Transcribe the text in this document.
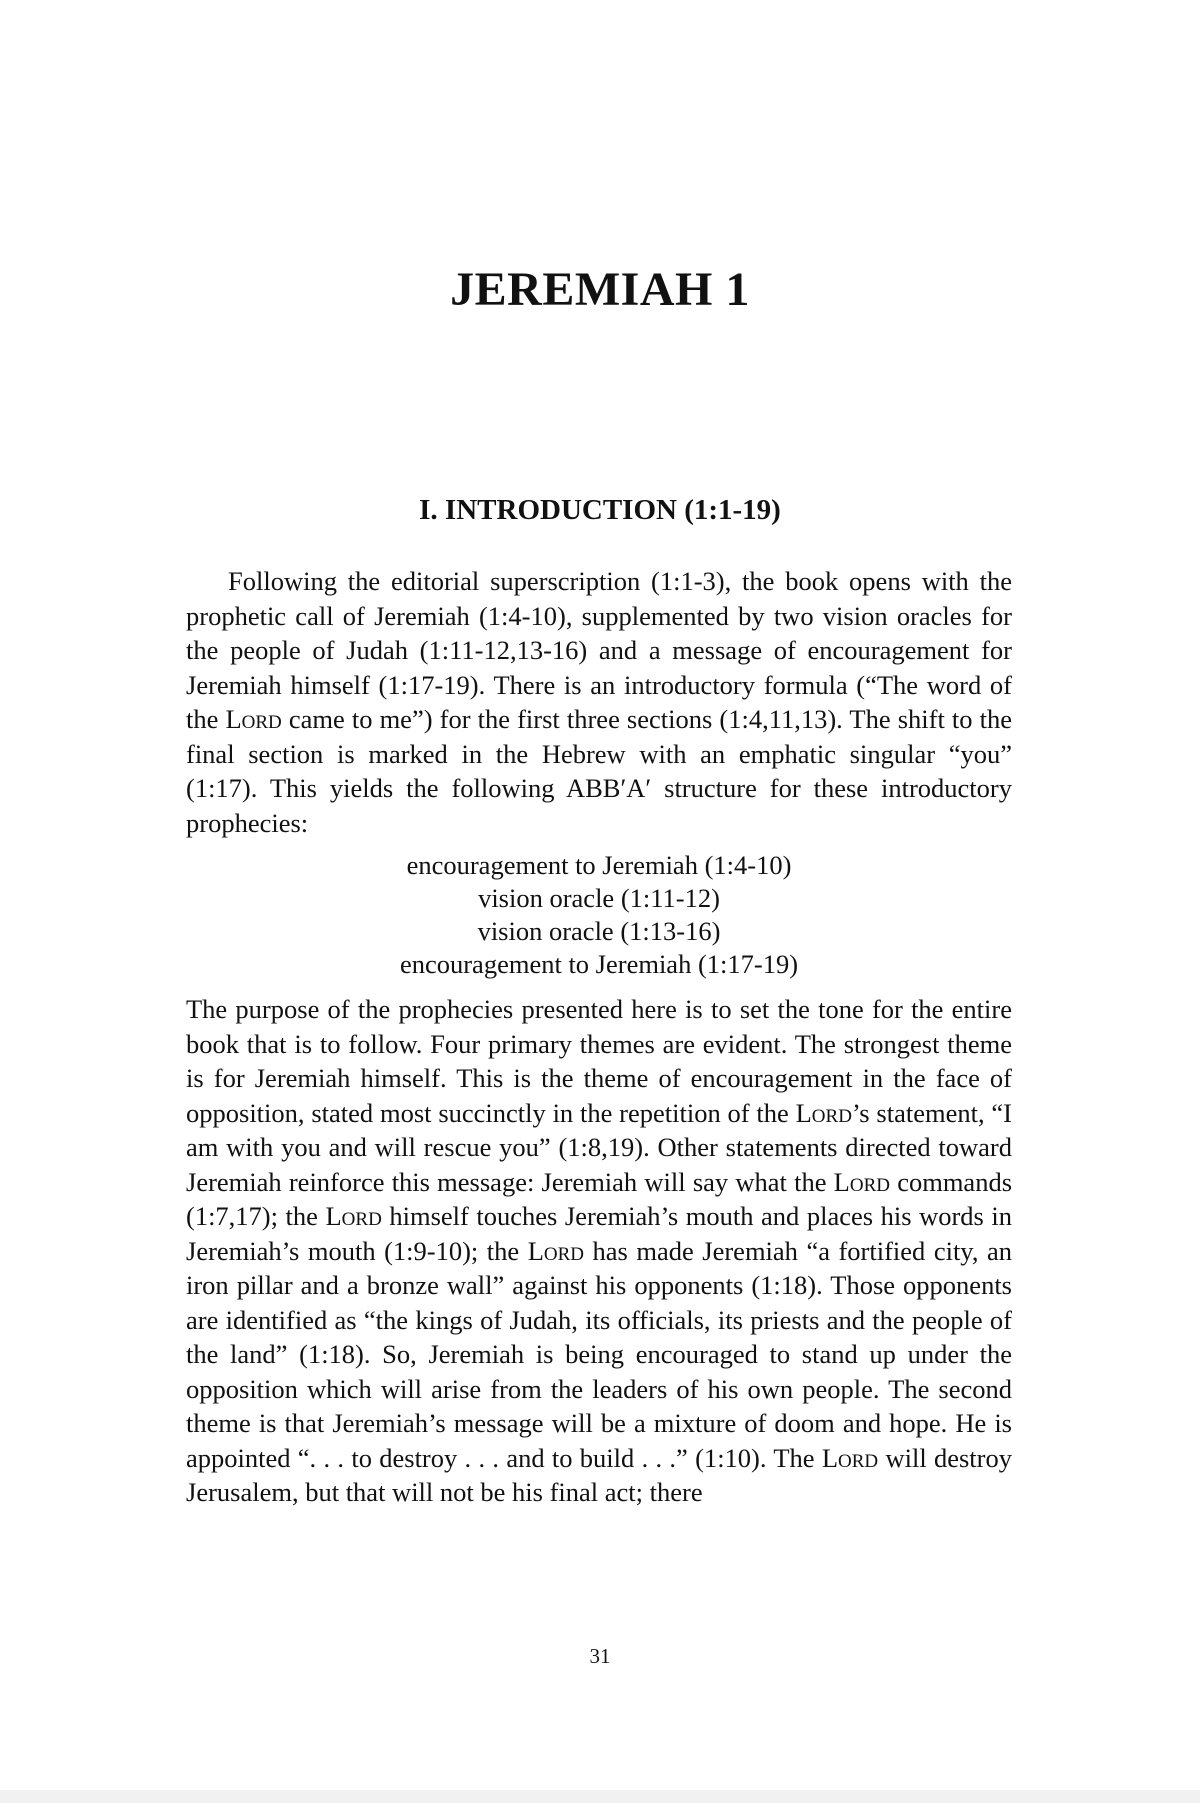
JEREMIAH 1
I. INTRODUCTION (1:1-19)

Following the editorial superscription (1:1-3), the book opens with the prophetic call of Jeremiah (1:4-10), supplemented by two vision oracles for the people of Judah (1:11-12,13-16) and a message of encouragement for Jeremiah himself (1:17-19). There is an introductory formula (“The word of the Lord came to me”) for the first three sections (1:4,11,13). The shift to the final section is marked in the Hebrew with an emphatic singular “you” (1:17). This yields the following ABB′A′ structure for these introductory prophecies:

encouragement to Jeremiah (1:4-10)
vision oracle (1:11-12)
vision oracle (1:13-16)
encouragement to Jeremiah (1:17-19)

The purpose of the prophecies presented here is to set the tone for the entire book that is to follow. Four primary themes are evident. The strongest theme is for Jeremiah himself. This is the theme of encouragement in the face of opposition, stated most succinctly in the repetition of the Lord’s statement, “I am with you and will rescue you” (1:8,19). Other statements directed toward Jeremiah reinforce this message: Jeremiah will say what the Lord commands (1:7,17); the Lord himself touches Jeremiah’s mouth and places his words in Jeremiah’s mouth (1:9-10); the Lord has made Jeremiah “a fortified city, an iron pillar and a bronze wall” against his opponents (1:18). Those opponents are identified as “the kings of Judah, its officials, its priests and the people of the land” (1:18). So, Jeremiah is being encouraged to stand up under the opposition which will arise from the leaders of his own people. The second theme is that Jeremiah’s message will be a mixture of doom and hope. He is appointed “. . . to destroy . . . and to build . . .” (1:10). The Lord will destroy Jerusalem, but that will not be his final act; there

31
